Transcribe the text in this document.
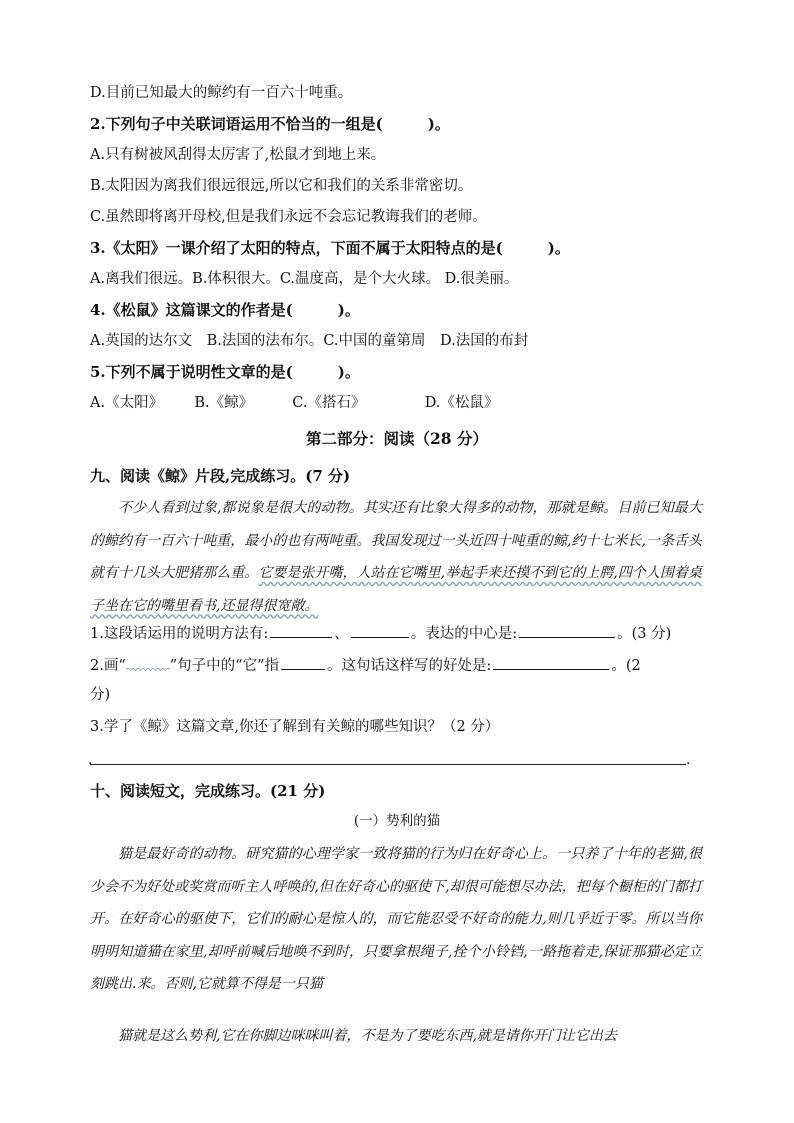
D.目前已知最大的鲸约有一百六十吨重。
2.下列句子中关联词语运用不恰当的一组是(　　　)。
A.只有树被风刮得太厉害了,松鼠才到地上来。
B.太阳因为离我们很远很远,所以它和我们的关系非常密切。
C.虽然即将离开母校,但是我们永远不会忘记教诲我们的老师。
3.《太阳》一课介绍了太阳的特点，下面不属于太阳特点的是(　　　)。
A.离我们很远。B.体积很大。C.温度高，是个大火球。 D.很美丽。
4.《松鼠》这篇课文的作者是(　　　)。
A.英国的达尔文　B.法国的法布尔。C.中国的童第周　D.法国的布封
5.下列不属于说明性文章的是(　　　)。
A.《太阳》 B.《鲸》	C.《搭石》	D.《松鼠》
第二部分：阅读（28 分）
九、阅读《鲸》片段,完成练习。(7 分)
不少人看到过象,都说象是很大的动物。其实还有比象大得多的动物，那就是鲸。目前已知最大的鲸约有一百六十吨重，最小的也有两吨重。我国发现过一头近四十吨重的鲸,约十七米长,一条舌头就有十几头大肥猪那么重。它要是张开嘴，人站在它嘴里,举起手来还摸不到它的上腭,四个人围着桌子坐在它的嘴里看书,还显得很宽敞。
1.这段话运用的说明方法有:	、	。表达的中心是:	。(3 分)
2.画“	”句子中的“它”指	。这句话这样写的好处是:	。(2
分)
3.学了《鲸》这篇文章,你还了解到有关鲸的哪些知识？（2 分）
.	.
十、阅读短文，完成练习。(21 分)
(一）势利的猫
猫是最好奇的动物。研究猫的心理学家一致将猫的行为归在好奇心上。一只养了十年的老猫,很少会不为好处或奖赏而听主人呼唤的,但在好奇心的驱使下,却很可能想尽办法，把每个橱柜的门都打开。在好奇心的驱使下，它们的耐心是惊人的，而它能忍受不好奇的能力,则几乎近于零。所以当你明明知道猫在家里,却呼前喊后地唤不到时，只要拿根绳子,拴个小铃铛,一路拖着走,保证那猫必定立刻跳出.来。否则,它就算不得是一只猫
猫就是这么势利,它在你脚边咪咪叫着，不是为了要吃东西,就是请你开门让它出去
